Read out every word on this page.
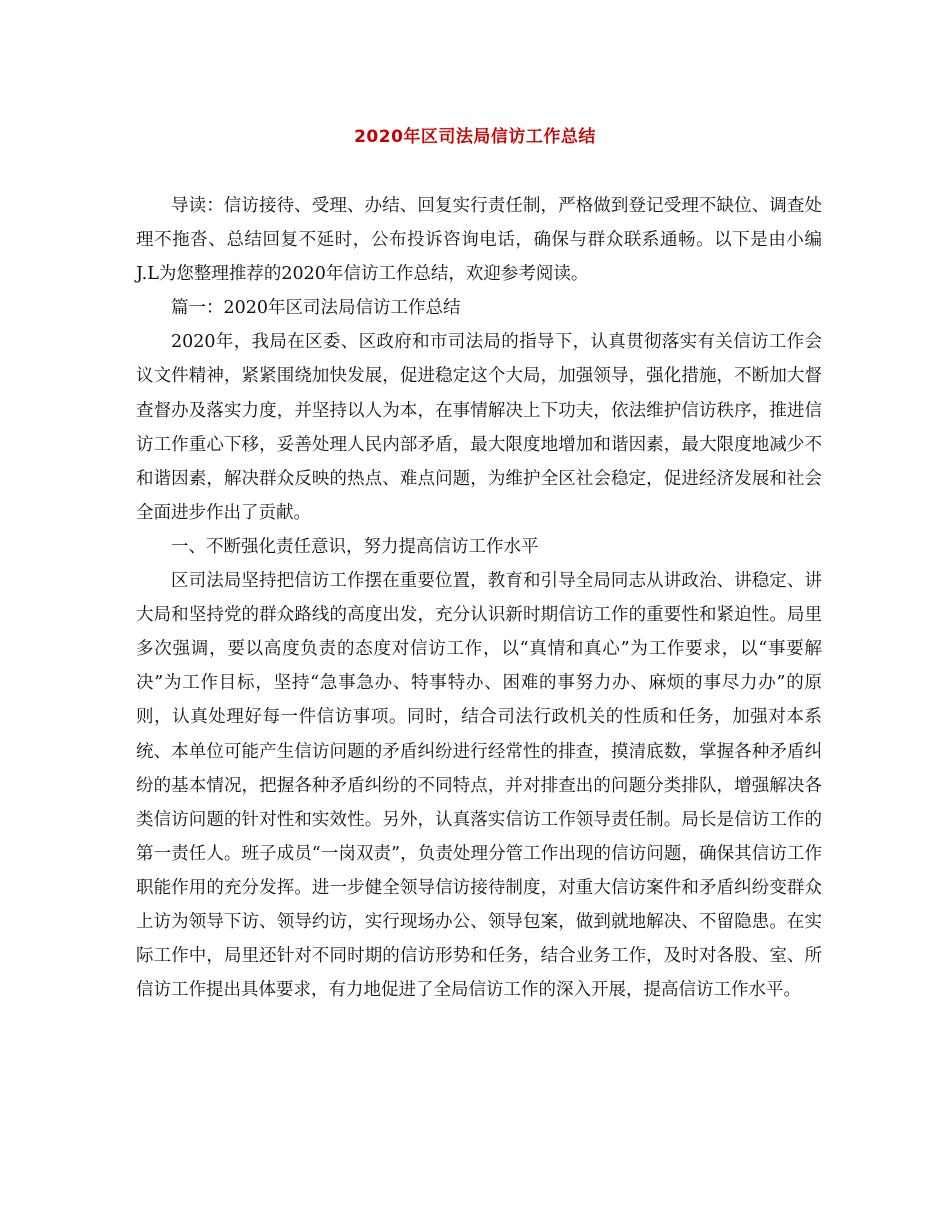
2020年区司法局信访工作总结

导读：信访接待、受理、办结、回复实行责任制，严格做到登记受理不缺位、调查处理不拖沓、总结回复不延时，公布投诉咨询电话，确保与群众联系通畅。以下是由小编J.L为您整理推荐的2020年信访工作总结，欢迎参考阅读。

篇一：2020年区司法局信访工作总结

2020年，我局在区委、区政府和市司法局的指导下，认真贯彻落实有关信访工作会议文件精神，紧紧围绕加快发展，促进稳定这个大局，加强领导，强化措施，不断加大督查督办及落实力度，并坚持以人为本，在事情解决上下功夫，依法维护信访秩序，推进信访工作重心下移，妥善处理人民内部矛盾，最大限度地增加和谐因素，最大限度地减少不和谐因素，解决群众反映的热点、难点问题，为维护全区社会稳定，促进经济发展和社会全面进步作出了贡献。

一、不断强化责任意识，努力提高信访工作水平

区司法局坚持把信访工作摆在重要位置，教育和引导全局同志从讲政治、讲稳定、讲大局和坚持党的群众路线的高度出发，充分认识新时期信访工作的重要性和紧迫性。局里多次强调，要以高度负责的态度对信访工作，以“真情和真心”为工作要求，以“事要解决”为工作目标，坚持“急事急办、特事特办、困难的事努力办、麻烦的事尽力办”的原则，认真处理好每一件信访事项。同时，结合司法行政机关的性质和任务，加强对本系统、本单位可能产生信访问题的矛盾纠纷进行经常性的排查，摸清底数，掌握各种矛盾纠纷的基本情况，把握各种矛盾纠纷的不同特点，并对排查出的问题分类排队，增强解决各类信访问题的针对性和实效性。另外，认真落实信访工作领导责任制。局长是信访工作的第一责任人。班子成员“一岗双责”，负责处理分管工作出现的信访问题，确保其信访工作职能作用的充分发挥。进一步健全领导信访接待制度，对重大信访案件和矛盾纠纷变群众上访为领导下访、领导约访，实行现场办公、领导包案，做到就地解决、不留隐患。在实际工作中，局里还针对不同时期的信访形势和任务，结合业务工作，及时对各股、室、所信访工作提出具体要求，有力地促进了全局信访工作的深入开展，提高信访工作水平。
